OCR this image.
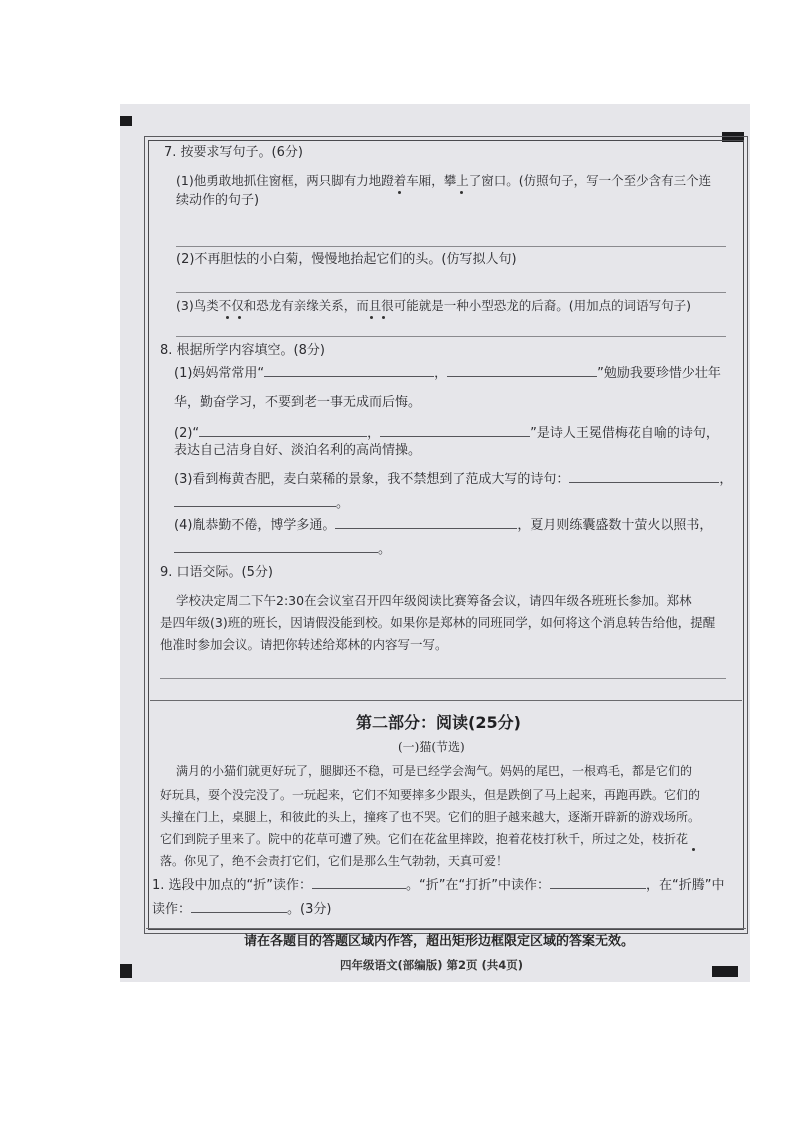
7. 按要求写句子。(6分)
(1)他勇敢地抓住窗框，两只脚有力地蹬着车厢，攀上了窗口。(仿照句子，写一个至少含有三个连
续动作的句子)
(2)不再胆怯的小白菊，慢慢地抬起它们的头。(仿写拟人句)
(3)鸟类不仅和恐龙有亲缘关系，而且很可能就是一种小型恐龙的后裔。(用加点的词语写句子)
8. 根据所学内容填空。(8分)
(1)妈妈常常用“	，	”勉励我要珍惜少壮年
华，勤奋学习，不要到老一事无成而后悔。
(2)“	，	”是诗人王冕借梅花自喻的诗句，
表达自己洁身自好、淡泊名利的高尚情操。
(3)看到梅黄杏肥，麦白菜稀的景象，我不禁想到了范成大写的诗句：	，
。
(4)胤恭勤不倦，博学多通。	，夏月则练囊盛数十萤火以照书，
。
9. 口语交际。(5分)
学校决定周二下午2:30在会议室召开四年级阅读比赛筹备会议，请四年级各班班长参加。郑林
是四年级(3)班的班长，因请假没能到校。如果你是郑林的同班同学，如何将这个消息转告给他，提醒
他准时参加会议。请把你转述给郑林的内容写一写。
第二部分：阅读(25分)
(一)猫(节选)
满月的小猫们就更好玩了，腿脚还不稳，可是已经学会淘气。妈妈的尾巴，一根鸡毛，都是它们的
好玩具，耍个没完没了。一玩起来，它们不知要摔多少跟头，但是跌倒了马上起来，再跑再跌。它们的
头撞在门上，桌腿上，和彼此的头上，撞疼了也不哭。它们的胆子越来越大，逐渐开辟新的游戏场所。
它们到院子里来了。院中的花草可遭了殃。它们在花盆里摔跤，抱着花枝打秋千，所过之处，枝折花
落。你见了，绝不会责打它们，它们是那么生气勃勃，天真可爱！
1. 选段中加点的“折”读作：	。“折”在“打折”中读作：	，在“折腾”中
读作：	。(3分)
请在各题目的答题区域内作答，超出矩形边框限定区域的答案无效。
四年级语文(部编版) 第2页 (共4页)
